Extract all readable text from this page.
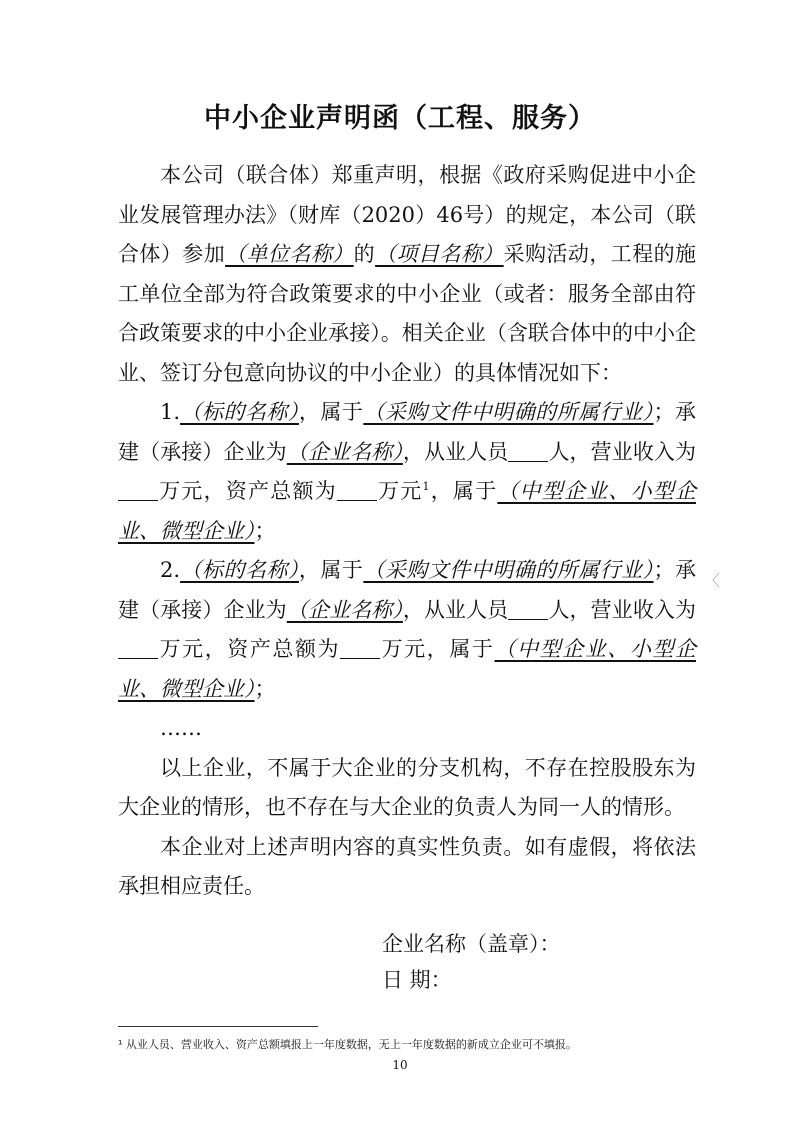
中小企业声明函（工程、服务）

本公司（联合体）郑重声明，根据《政府采购促进中小企业发展管理办法》（财库（2020）46号）的规定，本公司（联合体）参加（单位名称）的（项目名称）采购活动，工程的施工单位全部为符合政策要求的中小企业（或者：服务全部由符合政策要求的中小企业承接）。相关企业（含联合体中的中小企业、签订分包意向协议的中小企业）的具体情况如下：

1.（标的名称），属于（采购文件中明确的所属行业）；承建（承接）企业为（企业名称），从业人员 人，营业收入为万元，资产总额为 万元$^1$，属于（中型企业、小型企业、微型企业）；

2.（标的名称），属于（采购文件中明确的所属行业）；承建（承接）企业为（企业名称），从业人员 人，营业收入为万元，资产总额为 万元，属于（中型企业、小型企业、微型企业）；

……

以上企业，不属于大企业的分支机构，不存在控股股东为大企业的情形，也不存在与大企业的负责人为同一人的情形。

本企业对上述声明内容的真实性负责。如有虚假，将依法承担相应责任。

企业名称（盖章）：
日 期：
〈
¹ 从业人员、营业收入、资产总额填报上一年度数据，无上一年度数据的新成立企业可不填报。
10
